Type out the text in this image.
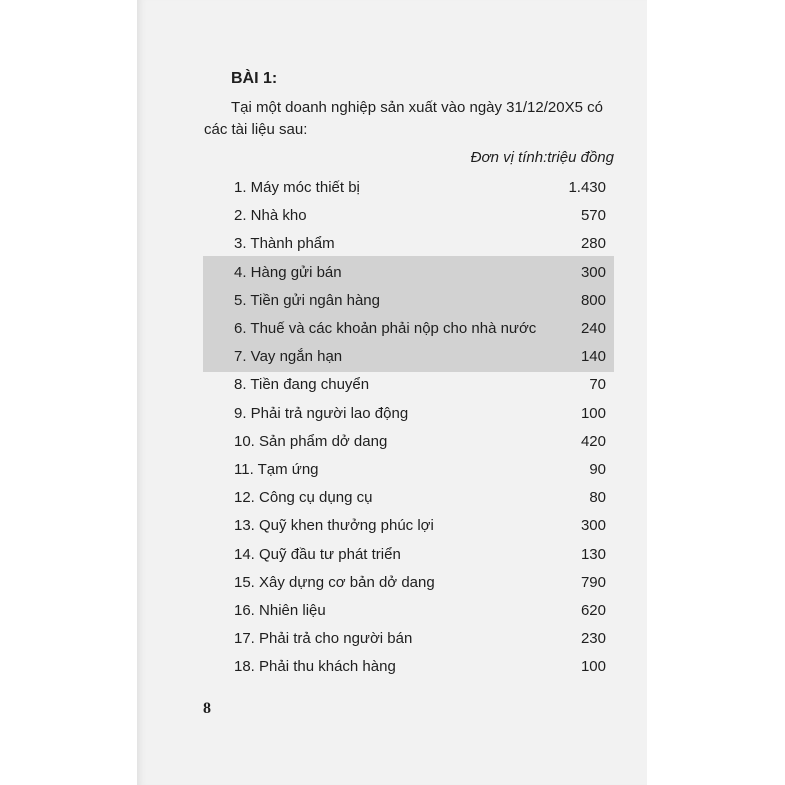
BÀI 1:
Tại một doanh nghiệp sản xuất vào ngày 31/12/20X5 có
các tài liệu sau:
Đơn vị tính:triệu đồng
1. Máy móc thiết bị	1.430
2. Nhà kho	570
3. Thành phẩm	280
4. Hàng gửi bán	300
5. Tiền gửi ngân hàng	800
6. Thuế và các khoản phải nộp cho nhà nước	240
7. Vay ngắn hạn	140
8. Tiền đang chuyển	70
9. Phải trả người lao động	100
10. Sản phẩm dở dang	420
11. Tạm ứng	90
12. Công cụ dụng cụ	80
13. Quỹ khen thưởng phúc lợi	300
14. Quỹ đầu tư phát triển	130
15. Xây dựng cơ bản dở dang	790
16. Nhiên liệu	620
17. Phải trả cho người bán	230
18. Phải thu khách hàng	100
8
